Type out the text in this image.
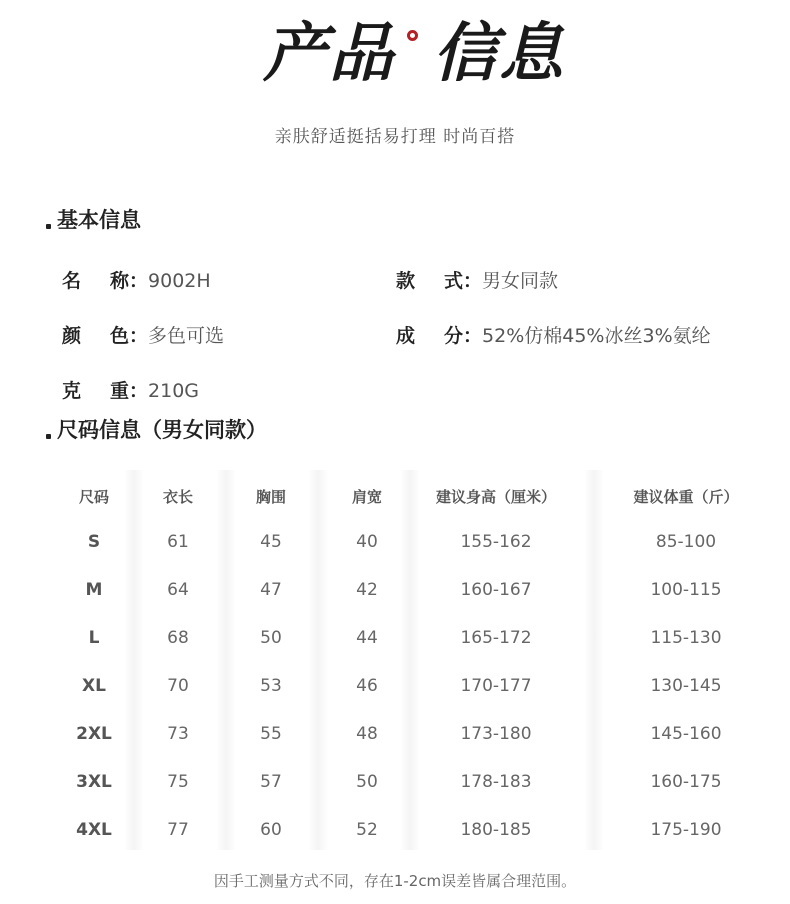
产品 信息
亲肤舒适挺括易打理 时尚百搭
基本信息
名 称：9002H	款 式：男女同款
颜 色：多色可选	成 分：52%仿棉45%冰丝3%氨纶
克 重：210G
尺码信息（男女同款）
尺码
S
M
L
XL
2XL
3XL
4XL
衣长
61
64
68
70
73
75
77
胸围
45
47
50
53
55
57
60
肩宽
40
42
44
46
48
50
52
建议身高（厘米）
155-162
160-167
165-172
170-177
173-180
178-183
180-185
建议体重（斤）
85-100
100-115
115-130
130-145
145-160
160-175
175-190
因手工测量方式不同，存在1-2cm误差皆属合理范围。
